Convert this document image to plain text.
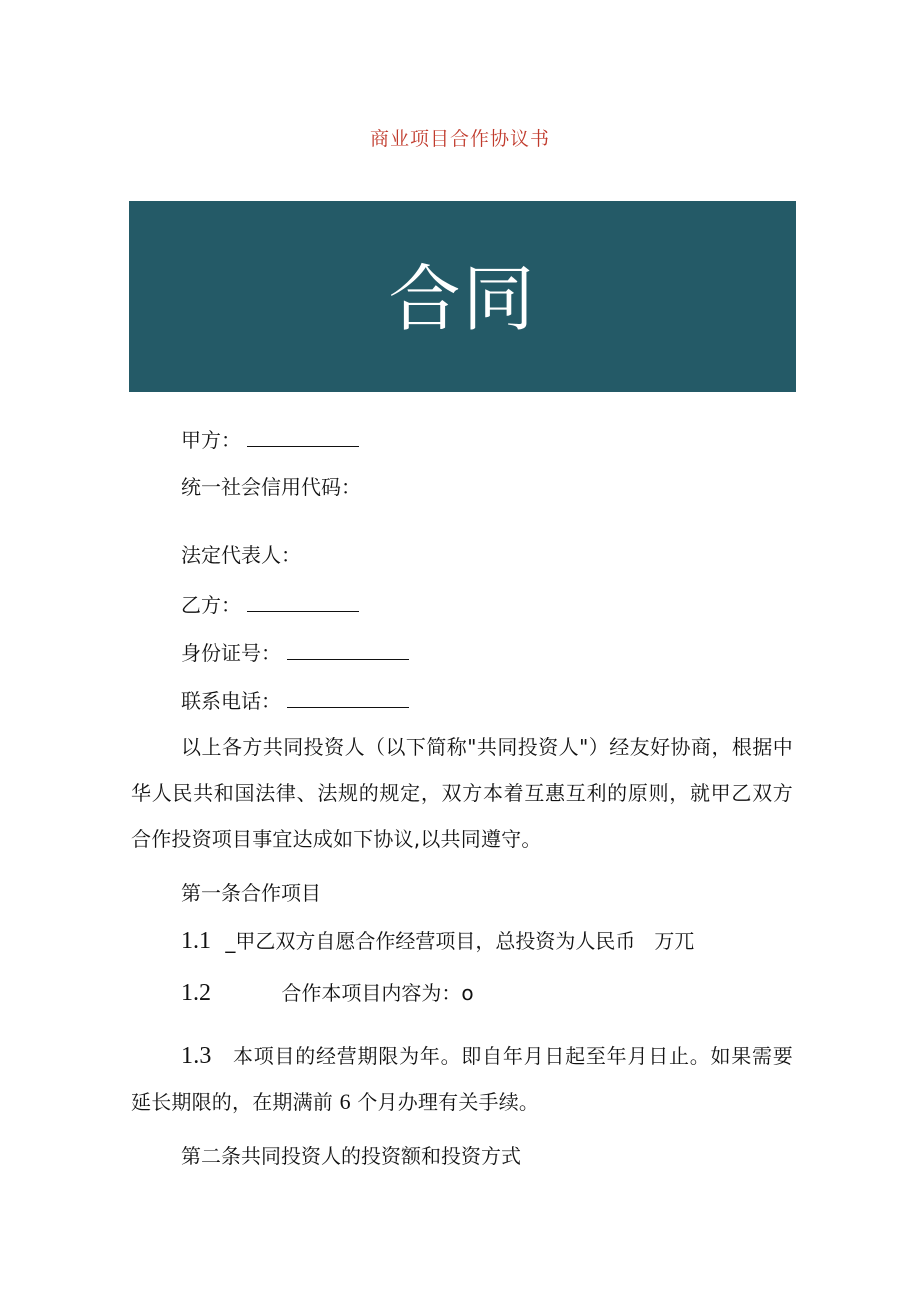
商业项目合作协议书
合同
甲方：
统一社会信用代码：
法定代表人：
乙方：
身份证号：
联系电话：
以上各方共同投资人（以下简称"共同投资人"）经友好协商，根据中华人民共和国法律、法规的规定，双方本着互惠互利的原则，就甲乙双方合作投资项目事宜达成如下协议,以共同遵守。
第一条合作项目
1.1 _甲乙双方自愿合作经营项目，总投资为人民币   万兀
1.2	合作本项目内容为：o
1.3 本项目的经营期限为年。即自年月日起至年月日止。如果需要延长期限的，在期满前 6 个月办理有关手续。
第二条共同投资人的投资额和投资方式
